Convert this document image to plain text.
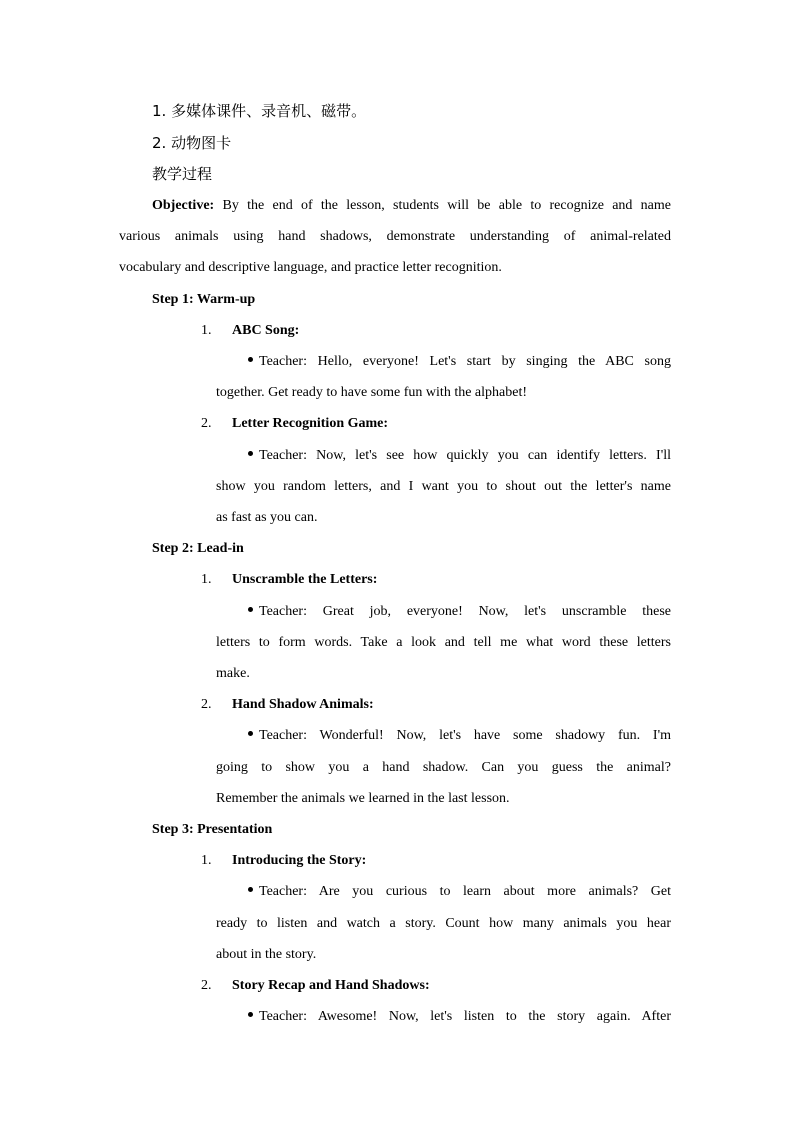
1. 多媒体课件、录音机、磁带。
2. 动物图卡
教学过程
Objective: By the end of the lesson, students will be able to recognize and name
various animals using hand shadows, demonstrate understanding of animal-related
vocabulary and descriptive language, and practice letter recognition.
Step 1: Warm-up
1. ABC Song:
Teacher: Hello, everyone! Let's start by singing the ABC song
together. Get ready to have some fun with the alphabet!
2. Letter Recognition Game:
Teacher: Now, let's see how quickly you can identify letters. I'll
show you random letters, and I want you to shout out the letter's name
as fast as you can.
Step 2: Lead-in
1. Unscramble the Letters:
Teacher: Great job, everyone! Now, let's unscramble these
letters to form words. Take a look and tell me what word these letters
make.
2. Hand Shadow Animals:
Teacher: Wonderful! Now, let's have some shadowy fun. I'm
going to show you a hand shadow. Can you guess the animal?
Remember the animals we learned in the last lesson.
Step 3: Presentation
1. Introducing the Story:
Teacher: Are you curious to learn about more animals? Get
ready to listen and watch a story. Count how many animals you hear
about in the story.
2. Story Recap and Hand Shadows:
Teacher: Awesome! Now, let's listen to the story again. After
